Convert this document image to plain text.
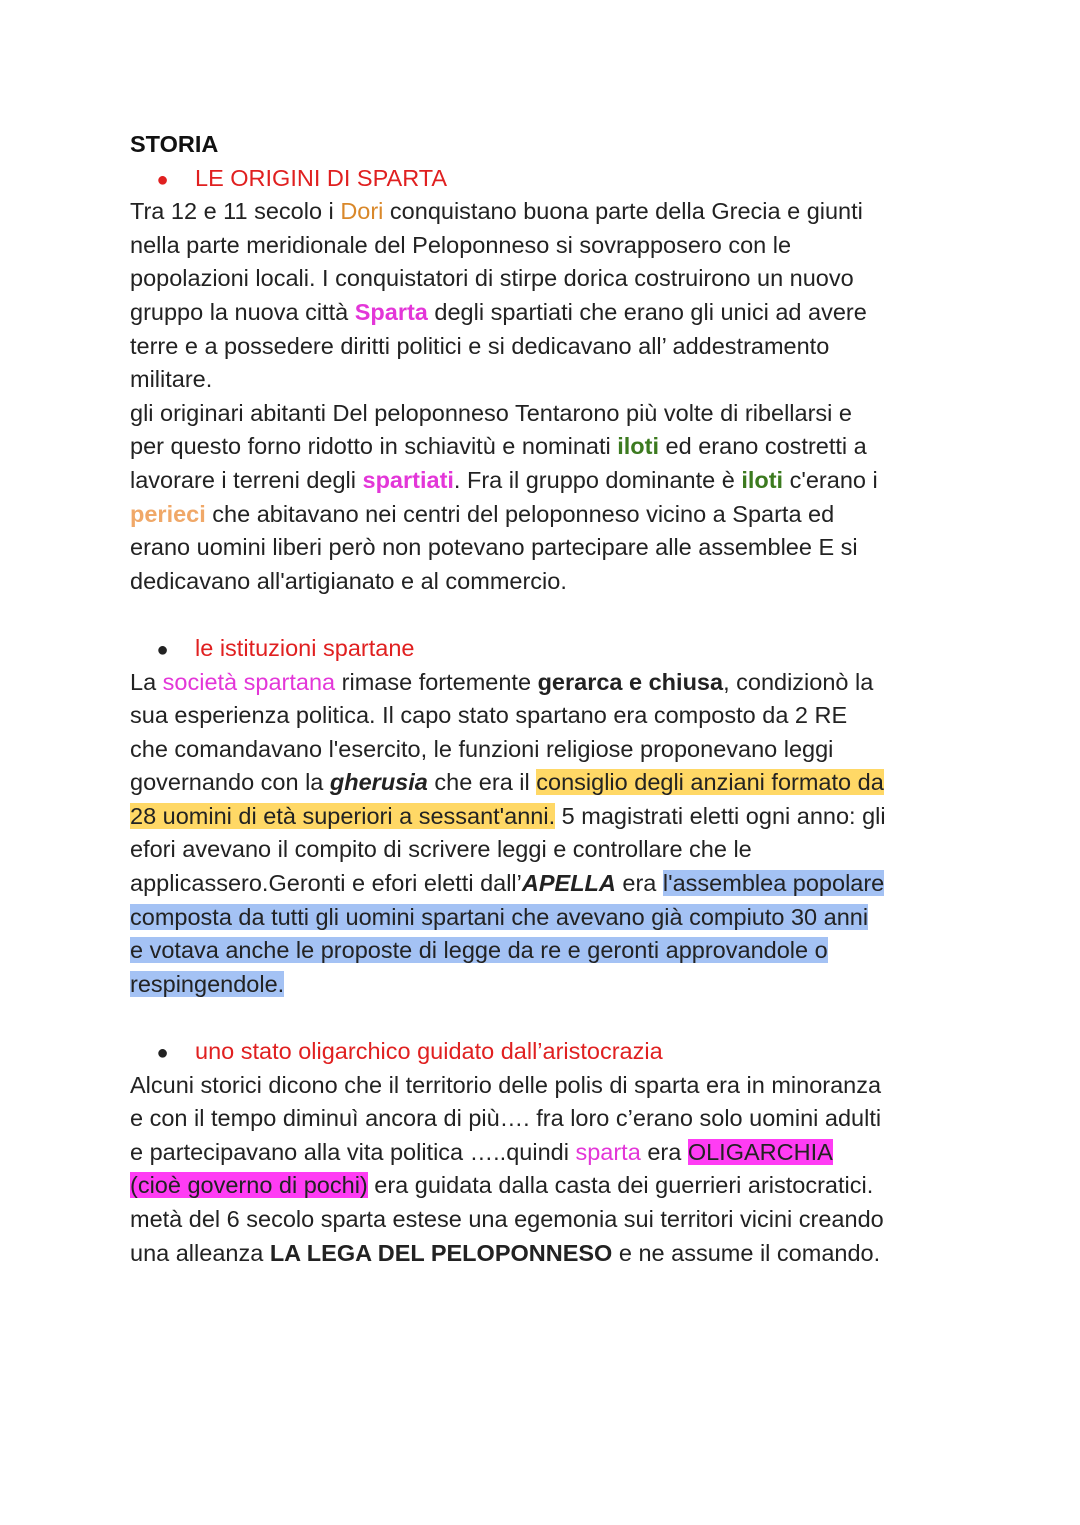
STORIA
● LE ORIGINI DI SPARTA
Tra 12 e 11 secolo i Dori conquistano buona parte della Grecia e giunti
nella parte meridionale del Peloponneso si sovrapposero con le
popolazioni locali. I conquistatori di stirpe dorica costruirono un nuovo
gruppo la nuova città Sparta degli spartiati che erano gli unici ad avere
terre e a possedere diritti politici e si dedicavano all’ addestramento
militare.
gli originari abitanti Del peloponneso Tentarono più volte di ribellarsi e
per questo forno ridotto in schiavitù e nominati iloti ed erano costretti a
lavorare i terreni degli spartiati. Fra il gruppo dominante è iloti c'erano i
perieci che abitavano nei centri del peloponneso vicino a Sparta ed
erano uomini liberi però non potevano partecipare alle assemblee E si
dedicavano all'artigianato e al commercio.
● le istituzioni spartane
La società spartana rimase fortemente gerarca e chiusa, condizionò la
sua esperienza politica. Il capo stato spartano era composto da 2 RE
che comandavano l'esercito, le funzioni religiose proponevano leggi
governando con la gherusia che era il consiglio degli anziani formato da
28 uomini di età superiori a sessant'anni. 5 magistrati eletti ogni anno: gli
efori avevano il compito di scrivere leggi e controllare che le
applicassero.Geronti e efori eletti dall’APELLA era l'assemblea popolare
composta da tutti gli uomini spartani che avevano già compiuto 30 anni
e votava anche le proposte di legge da re e geronti approvandole o
respingendole.
● uno stato oligarchico guidato dall’aristocrazia
Alcuni storici dicono che il territorio delle polis di sparta era in minoranza
e con il tempo diminuì ancora di più…. fra loro c’erano solo uomini adulti
e partecipavano alla vita politica …..quindi sparta era OLIGARCHIA
(cioè governo di pochi) era guidata dalla casta dei guerrieri aristocratici.
metà del 6 secolo sparta estese una egemonia sui territori vicini creando
una alleanza LA LEGA DEL PELOPONNESO e ne assume il comando.
